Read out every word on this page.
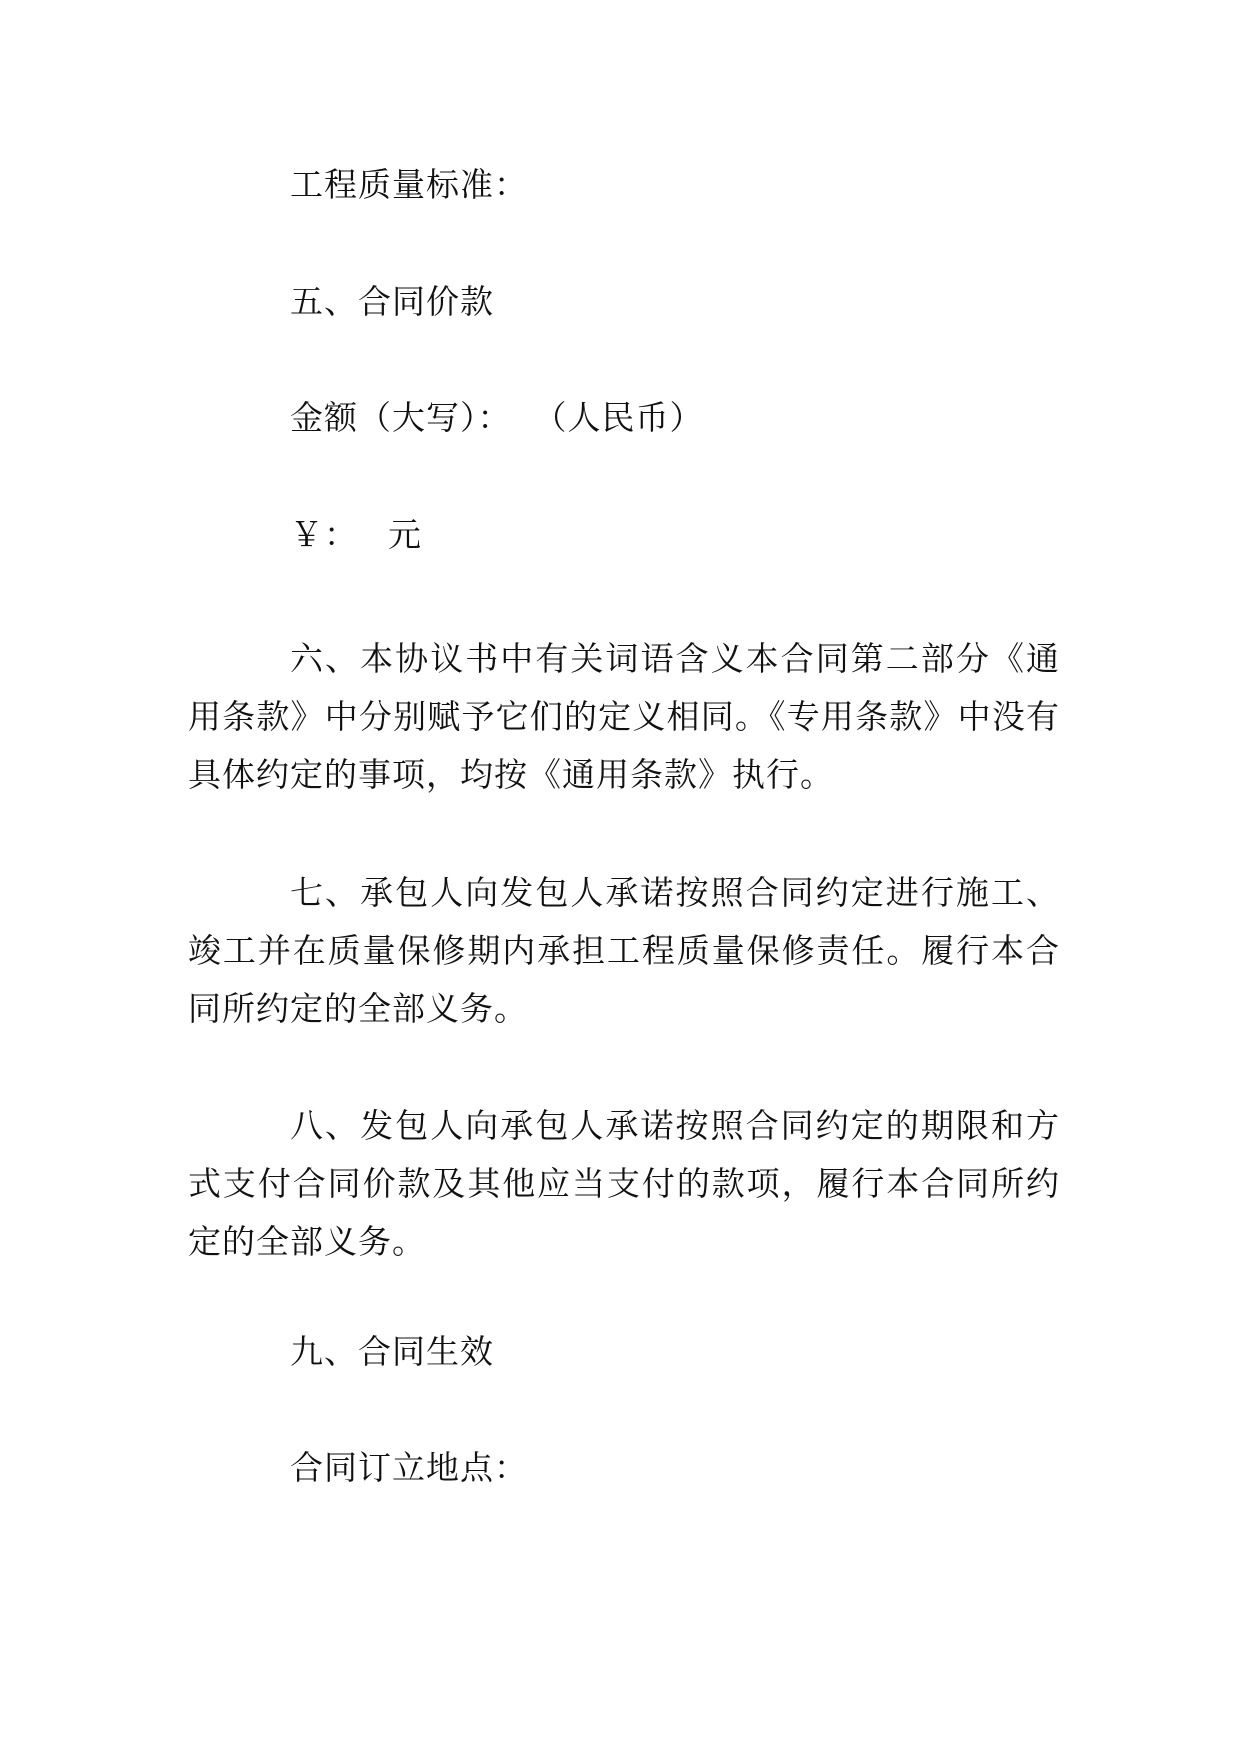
工程质量标准：

五、合同价款

金额（大写）： （人民币）
￥： 元

六、本协议书中有关词语含义本合同第二部分《通用条款》中分别赋予它们的定义相同。《专用条款》中没有具体约定的事项，均按《通用条款》执行。

七、承包人向发包人承诺按照合同约定进行施工、竣工并在质量保修期内承担工程质量保修责任。履行本合同所约定的全部义务。

八、发包人向承包人承诺按照合同约定的期限和方式支付合同价款及其他应当支付的款项，履行本合同所约定的全部义务。

九、合同生效

合同订立地点：
